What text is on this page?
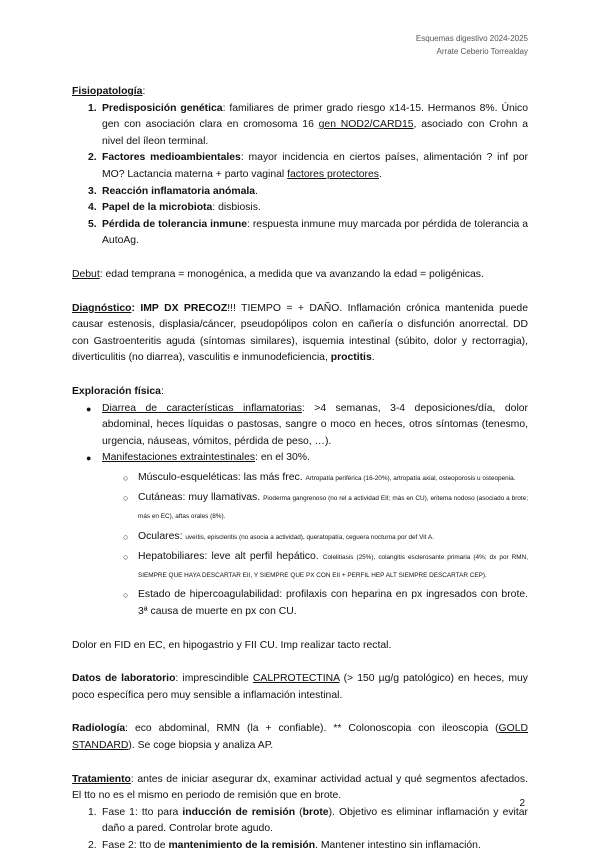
Esquemas digestivo 2024-2025
Arrate Ceberio Torrealday

Fisiopatología:

1. Predisposición genética: familiares de primer grado riesgo x14-15. Hermanos 8%. Único gen con asociación clara en cromosoma 16 gen NOD2/CARD15, asociado con Crohn a nivel del íleon terminal.
2. Factores medioambientales: mayor incidencia en ciertos países, alimentación ? inf por MO? Lactancia materna + parto vaginal factores protectores.
3. Reacción inflamatoria anómala.
4. Papel de la microbiota: disbiosis.
5. Pérdida de tolerancia inmune: respuesta inmune muy marcada por pérdida de tolerancia a AutoAg.

Debut: edad temprana = monogénica, a medida que va avanzando la edad = poligénicas.

Diagnóstico: IMP DX PRECOZ!!! TIEMPO = + DAÑO. Inflamación crónica mantenida puede causar estenosis, displasia/cáncer, pseudopólipos colon en cañería o disfunción anorrectal. DD con Gastroenteritis aguda (síntomas similares), isquemia intestinal (súbito, dolor y rectorragia), diverticulitis (no diarrea), vasculitis e inmunodeficiencia, proctitis.

Exploración física:

● Diarrea de características inflamatorias: >4 semanas, 3-4 deposiciones/día, dolor abdominal, heces líquidas o pastosas, sangre o moco en heces, otros síntomas (tenesmo, urgencia, náuseas, vómitos, pérdida de peso, …).
● Manifestaciones extraintestinales: en el 30%.
○ Músculo-esqueléticas: las más frec. Artropatía periférica (16-20%), artropatía axial, osteoporosis u osteopenia.
○ Cutáneas: muy llamativas. Pioderma gangrenoso (no rel a actividad EII; más en CU), eritema nodoso (asociado a brote; más en EC), aftas orales (8%).
○ Oculares: uveítis, episcleritis (no asocia a actividad), queratopatía, ceguera nocturna por def Vit A.
○ Hepatobiliares: leve alt perfil hepático. Colelitiasis (25%), colangitis esclerosante primaria (4%; dx por RMN, SIEMPRE QUE HAYA DESCARTAR EII, Y SIEMPRE QUE PX CON EII + PERFIL HEP ALT SIEMPRE DESCARTAR CEP).
○ Estado de hipercoagulabilidad: profilaxis con heparina en px ingresados con brote. 3ª causa de muerte en px con CU.

Dolor en FID en EC, en hipogastrio y FII CU. Imp realizar tacto rectal.

Datos de laboratorio: imprescindible CALPROTECTINA (> 150 µg/g patológico) en heces, muy poco específica pero muy sensible a inflamación intestinal.

Radiología: eco abdominal, RMN (la + confiable). ** Colonoscopia con ileoscopia (GOLD STANDARD). Se coge biopsia y analiza AP.

Tratamiento: antes de iniciar asegurar dx, examinar actividad actual y qué segmentos afectados. El tto no es el mismo en periodo de remisión que en brote.

1. Fase 1: tto para inducción de remisión (brote). Objetivo es eliminar inflamación y evitar daño a pared. Controlar brote agudo.
2. Fase 2: tto de mantenimiento de la remisión. Mantener intestino sin inflamación.
2
